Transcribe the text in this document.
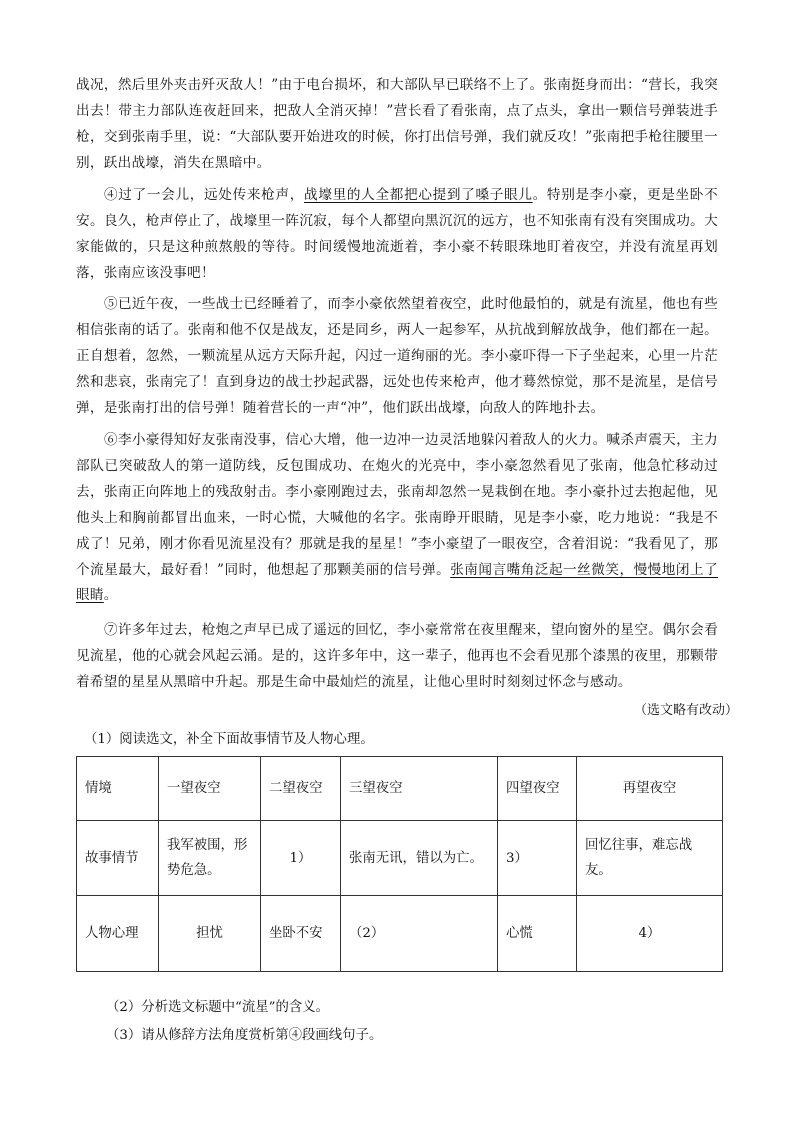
战况，然后里外夹击歼灭敌人！”由于电台损坏，和大部队早已联络不上了。张南挺身而出：“营长，我突出去！带主力部队连夜赶回来，把敌人全消灭掉！”营长看了看张南，点了点头，拿出一颗信号弹装进手枪，交到张南手里，说：“大部队要开始进攻的时候，你打出信号弹，我们就反攻！”张南把手枪往腰里一别，跃出战壕，消失在黑暗中。

④过了一会儿，远处传来枪声，战壕里的人全都把心提到了嗓子眼儿。特别是李小豪，更是坐卧不安。良久，枪声停止了，战壕里一阵沉寂，每个人都望向黑沉沉的远方，也不知张南有没有突围成功。大家能做的，只是这种煎熬般的等待。时间缓慢地流逝着，李小豪不转眼珠地盯着夜空，并没有流星再划落，张南应该没事吧！

⑤已近午夜，一些战士已经睡着了，而李小豪依然望着夜空，此时他最怕的，就是有流星，他也有些相信张南的话了。张南和他不仅是战友，还是同乡，两人一起参军，从抗战到解放战争，他们都在一起。正自想着，忽然，一颗流星从远方天际升起，闪过一道绚丽的光。李小豪吓得一下子坐起来，心里一片茫然和悲哀，张南完了！直到身边的战士抄起武器，远处也传来枪声，他才蓦然惊觉，那不是流星，是信号弹，是张南打出的信号弹！随着营长的一声“冲”，他们跃出战壕，向敌人的阵地扑去。

⑥李小豪得知好友张南没事，信心大增，他一边冲一边灵活地躲闪着敌人的火力。喊杀声震天，主力部队已突破敌人的第一道防线，反包围成功、在炮火的光亮中，李小豪忽然看见了张南，他急忙移动过去，张南正向阵地上的残敌射击。李小豪刚跑过去，张南却忽然一晃栽倒在地。李小豪扑过去抱起他，见他头上和胸前都冒出血来，一时心慌，大喊他的名字。张南睁开眼睛，见是李小豪，吃力地说：“我是不成了！兄弟，刚才你看见流星没有？那就是我的星星！”李小豪望了一眼夜空，含着泪说：“我看见了，那个流星最大，最好看！”同时，他想起了那颗美丽的信号弹。张南闻言嘴角泛起一丝微笑，慢慢地闭上了眼睛。

⑦许多年过去，枪炮之声早已成了遥远的回忆，李小豪常常在夜里醒来，望向窗外的星空。偶尔会看见流星，他的心就会风起云涌。是的，这许多年中，这一辈子，他再也不会看见那个漆黑的夜里，那颗带着希望的星星从黑暗中升起。那是生命中最灿烂的流星，让他心里时时刻刻过怀念与感动。

（选文略有改动）
（1）阅读选文，补全下面故事情节及人物心理。
情境	一望夜空	二望夜空	三望夜空	四望夜空	再望夜空
故事情节	我军被围，形势危急。	1）	张南无讯，错以为亡。	3）	回忆往事，难忘战友。
人物心理	担忧	坐卧不安	（2）	心慌	4）
（2）分析选文标题中“流星”的含义。
（3）请从修辞方法角度赏析第④段画线句子。
